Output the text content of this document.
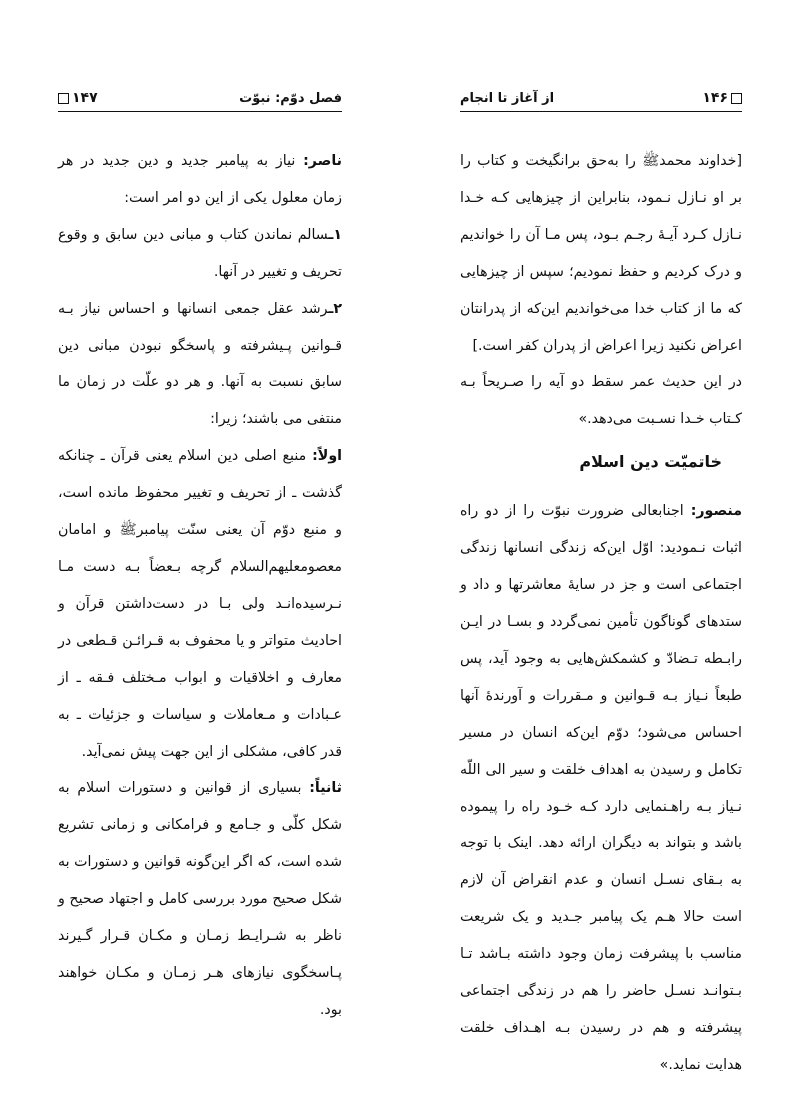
۱۴۷	فصل دوّم: نبوّت

ناصر: نیاز به پیامبر جدید و دین جدید در هر زمان معلول یکی از این دو امر است:

۱ـسالم نماندن کتاب و مبانی دین سابق و وقوع تحریف و تغییر در آنها.

۲ـرشد عقل جمعی انسانها و احساس نیاز بـه قـوانین پـیشرفته و پاسخگو نبودن مبانی دین سابق نسبت به آنها. و هر دو علّت در زمان ما منتفی می باشند؛ زیرا:

اولاً: منبع اصلی دین اسلام یعنی قرآن ـ چنانکه گذشت ـ از تحریف و تغییر محفوظ مانده است، و منبع دوّم آن یعنی سنّت پیامبرﷺ و امامان معصومعليهم‌السلام گرچه بـعضاً بـه دست مـا نـرسیده‌انـد ولی بـا در دست‌داشتن قرآن و احادیث متواتر و یا محفوف به قـرائـن قـطعی در معارف و اخلاقیات و ابواب مـختلف فـقه ـ از عـبادات و مـعاملات و سیاسات و جزئیات ـ به قدر کافی، مشکلی از این جهت پیش نمی‌آید.

ثانیاً: بسیاری از قوانین و دستورات اسلام به شکل کلّی و جـامع و فرامکانی و زمانی تشریع شده است، که اگر این‌گونه قوانین و دستورات به شکل صحیح مورد بررسی کامل و اجتهاد صحیح و ناظر به شـرایـط زمـان و مکـان قـرار گـیرند پـاسخگوی نیازهای هـر زمـان و مکـان خواهند بود.

از آغاز تا انجام	۱۴۶

[خداوند محمدﷺ را به‌حق برانگیخت و کتاب را بر او نـازل نـمود، بنابراین از چیزهایی کـه خـدا نـازل کـرد آیـهٔ رجـم بـود، پس مـا آن را خواندیم و درک کردیم و حفظ نمودیم؛ سپس از چیزهایی که ما از کتاب خدا می‌خواندیم این‌که از پدرانتان اعراض نکنید زیرا اعراض از پدران کفر است.]

در این حدیث عمر سقط دو آیه را صـریحاً بـه کـتاب خـدا نسـبت می‌دهد.»

خاتمیّت دین اسلام

منصور: اجنابعالی ضرورت نبوّت را از دو راه اثبات نـمودید: اوّل این‌که زندگی انسانها زندگی اجتماعی است و جز در سایهٔ معاشرتها و داد و ستدهای گوناگون تأمین نمی‌گردد و بسـا در ایـن رابـطه تـضادّ و کشمکش‌هایی به وجود آید، پس طبعاً نـیاز بـه قـوانین و مـقررات و آورندهٔ آنها احساس می‌شود؛ دوّم این‌که انسان در مسیر تکامل و رسیدن به اهداف خلقت و سیر الی اللّه نـیاز بـه راهـنمایی دارد کـه خـود راه را پیموده باشد و بتواند به دیگران ارائه دهد. اینک با توجه به بـقای نسـل انسان و عدم انقراض آن لازم است حالا هـم یک پیامبر جـدید و یک شریعت مناسب با پیشرفت زمان وجود داشته بـاشد تـا بـتوانـد نسـل حاضر را هم در زندگی اجتماعی پیشرفته و هم در رسیدن بـه اهـداف خلقت هدایت نماید.»
